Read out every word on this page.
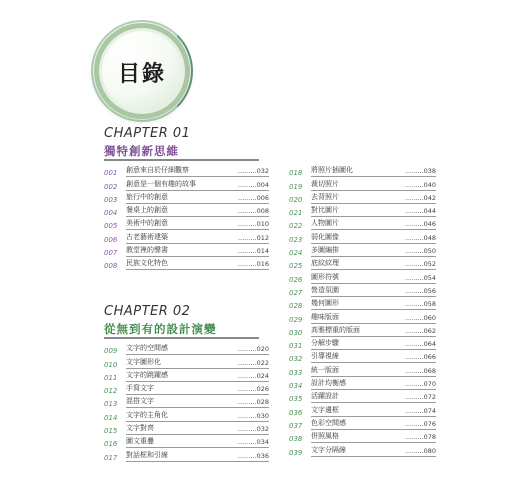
目錄
CHAPTER 01
獨特創新思維
001	創意來自於仔細觀察	.........032
002	創意是一個有趣的故事	.........004
003	旅行中的創意	.........006
004	餐桌上的創意	.........008
005	美術中的創意	.........010
006	古老藝術建築	.........012
007	教堂裡的聲書	.........014
008	民族文化特色	.........016
CHAPTER 02
從無到有的設計演變
009	文字的空間感	.........020
010	文字圖形化	.........022
011	文字的跳躍感	.........024
012	手寫文字	.........026
013	混搭文字	.........028
014	文字的主角化	.........030
015	文字對齊	.........032
016	圖文重疊	.........034
017	對話框和引線	.........036
018	將照片插圖化	.........038
019	裁切照片	.........040
020	去背照片	.........042
021	對比圖片	.........044
022	人物圖片	.........046
023	弱化圖像	.........048
024	多圖編排	.........050
025	底紋紋理	.........052
026	圖形符號	.........054
027	營造氛圍	.........056
028	幾何圖形	.........058
029	趣味版面	.........060
030	高雅標重的版面	.........062
031	分解步驟	.........064
032	引導視線	.........066
033	統一版面	.........068
034	設計均衡感	.........070
035	活躍設計	.........072
036	文字邊框	.........074
037	色彩空間感	.........076
038	併照風格	.........078
039	文字分隔線	.........080
